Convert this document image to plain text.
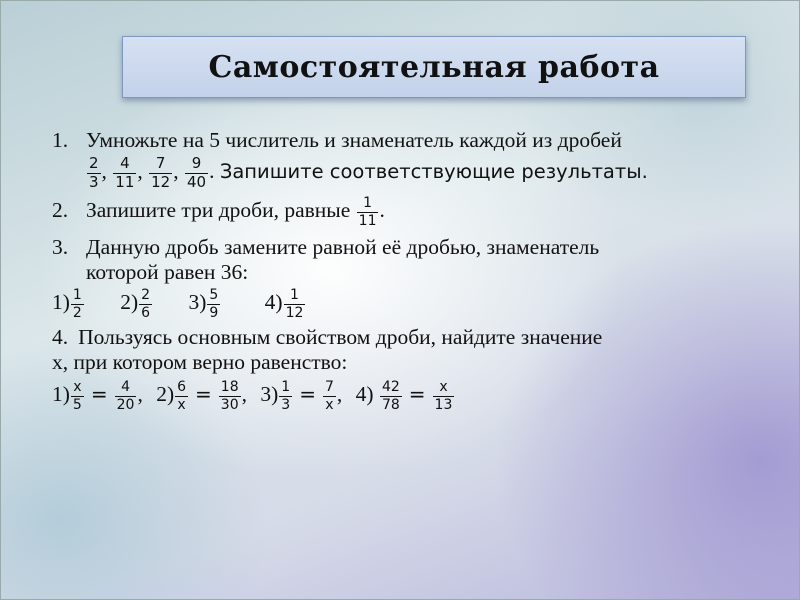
Самостоятельная работа
1. Умножьте на 5 числитель и знаменатель каждой из дробей
$\frac{2}{3}$ , $\frac{4}{11}$ , $\frac{7}{12}$ , $\frac{9}{40}$ . Запишите соответствующие результаты.
2. Запишите три дроби, равные $\frac{1}{11}$ .
3. Данную дробь замените равной её дробью, знаменатель
которой равен 36:
$1) \frac{1}{2} 2) \frac{2}{6} 3) \frac{5}{9} 4) \frac{1}{12}$
4. Пользуясь основным свойством дроби, найдите значение
х, при котором верно равенство:
$1) \frac{x}{5} = \frac{4}{20}$ , $2) \frac{6}{x} = \frac{18}{30}$ , $3) \frac{1}{3} = \frac{7}{x}$ , $4) \frac{42}{78} = \frac{x}{13}$
